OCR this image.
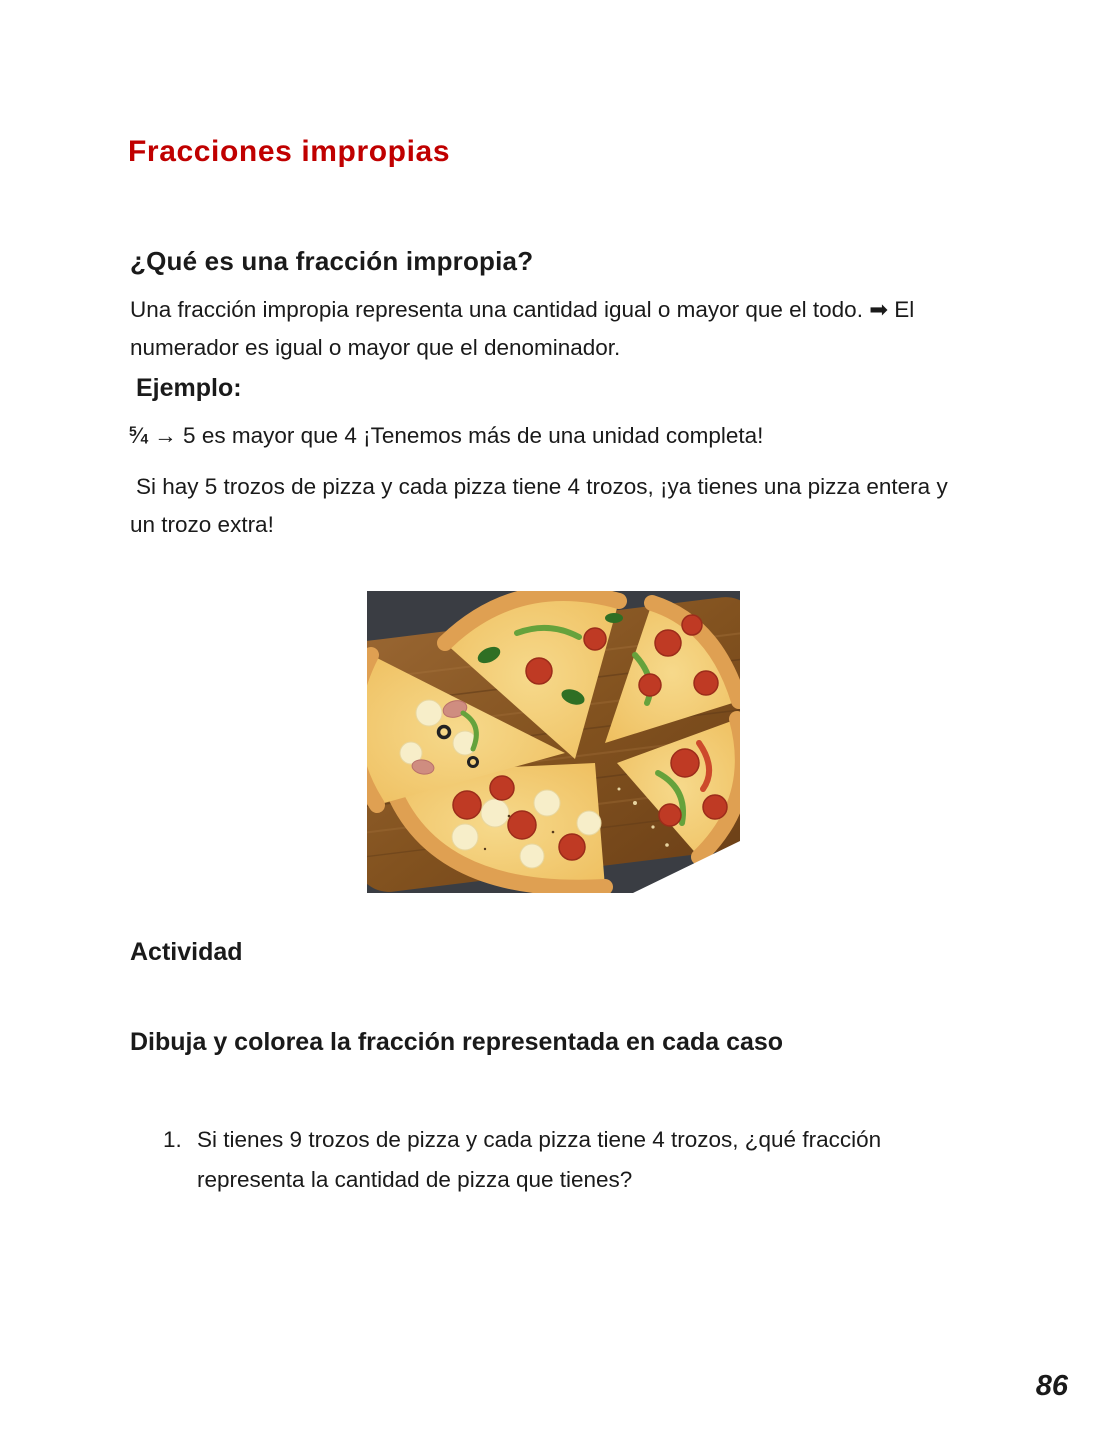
Fracciones impropias
¿Qué es una fracción impropia?
Una fracción impropia representa una cantidad igual o mayor que el todo. ➡ El
numerador es igual o mayor que el denominador.
Ejemplo:
$^5$⁄4 → 5 es mayor que 4 ¡Tenemos más de una unidad completa!
Si hay 5 trozos de pizza y cada pizza tiene 4 trozos, ¡ya tienes una pizza entera y
un trozo extra!
Actividad
Dibuja y colorea la fracción representada en cada caso
1. Si tienes 9 trozos de pizza y cada pizza tiene 4 trozos, ¿qué fracción
representa la cantidad de pizza que tienes?
86
